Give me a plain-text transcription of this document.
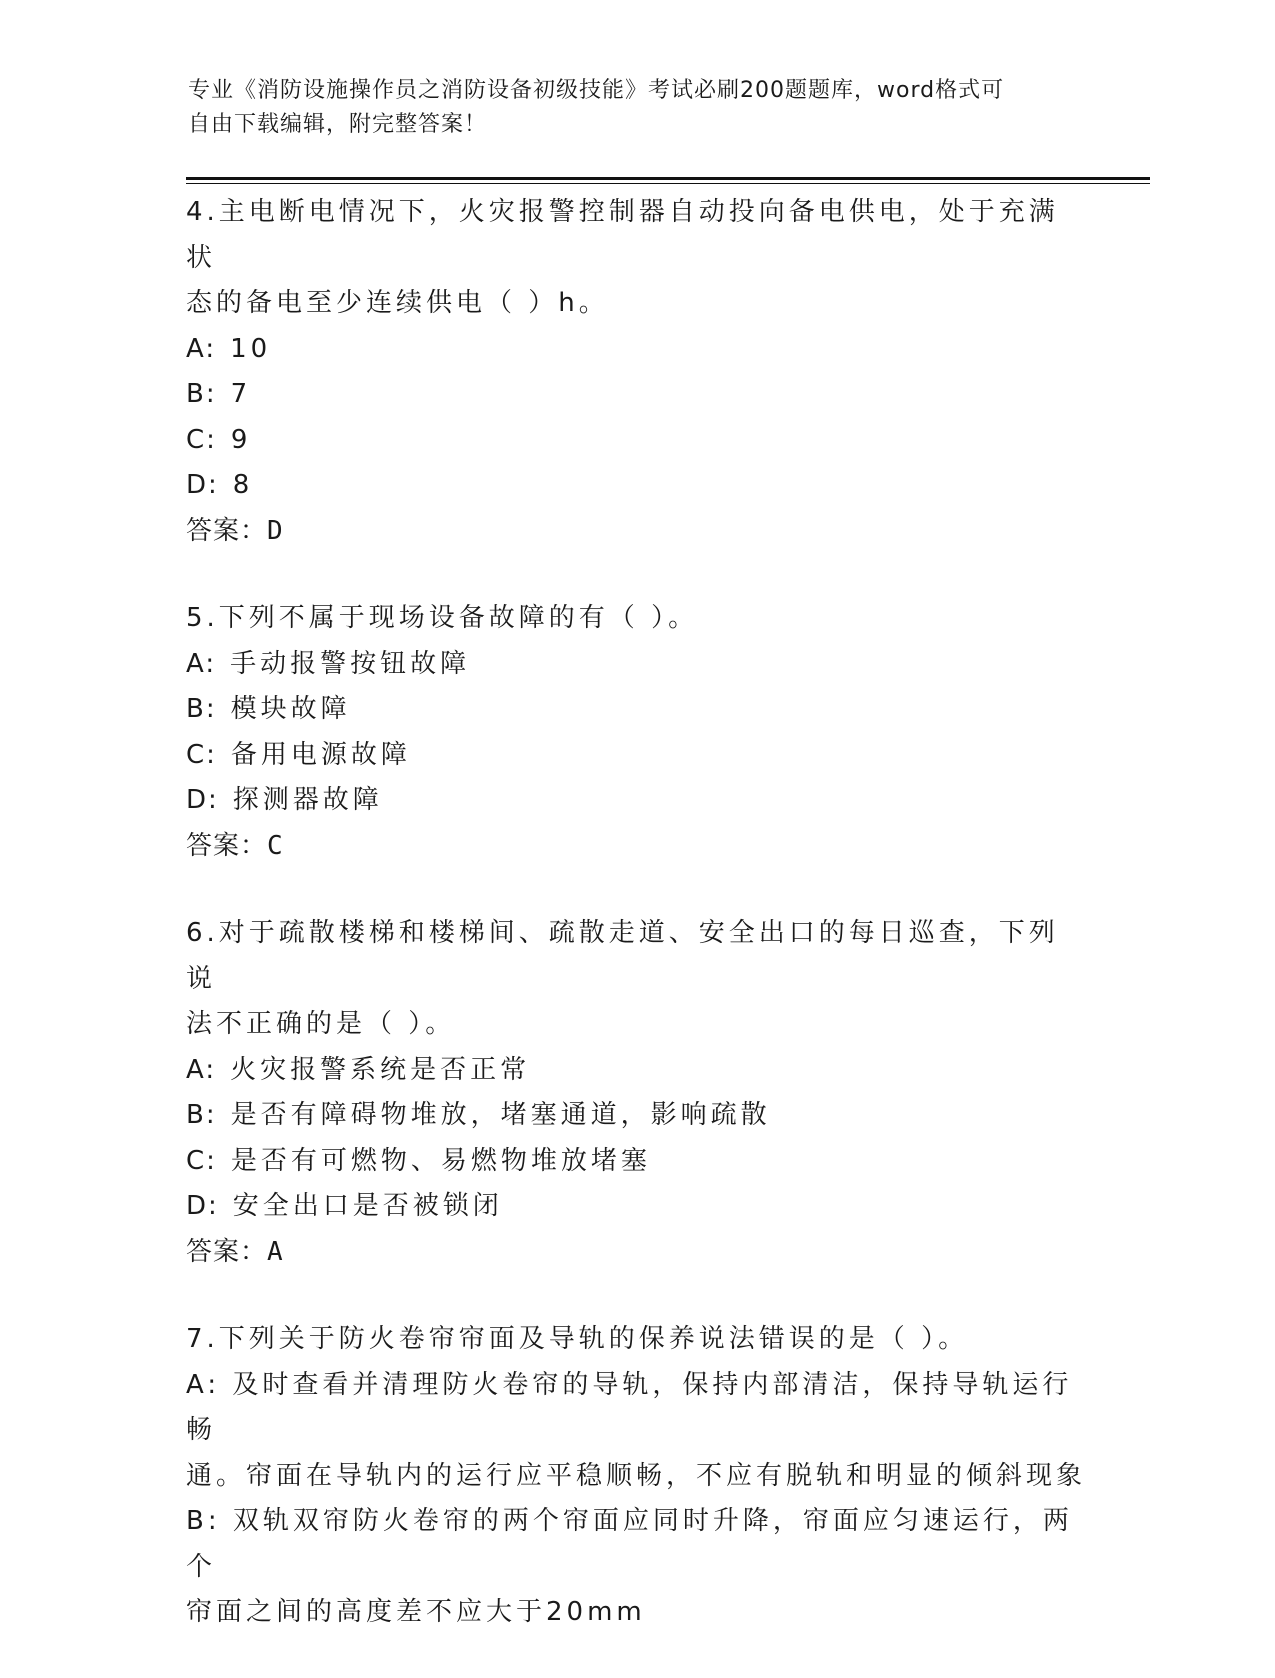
专业《消防设施操作员之消防设备初级技能》考试必刷200题题库，word格式可
自由下载编辑，附完整答案！

4.主电断电情况下，火灾报警控制器自动投向备电供电，处于充满状

态的备电至少连续供电（ ）h。

A: 10

B: 7

C: 9

D: 8

答案：D

5.下列不属于现场设备故障的有（ ）。

A: 手动报警按钮故障

B: 模块故障

C: 备用电源故障

D: 探测器故障

答案：C

6.对于疏散楼梯和楼梯间、疏散走道、安全出口的每日巡查，下列说

法不正确的是（ ）。

A: 火灾报警系统是否正常

B: 是否有障碍物堆放，堵塞通道，影响疏散

C: 是否有可燃物、易燃物堆放堵塞

D: 安全出口是否被锁闭

答案：A

7.下列关于防火卷帘帘面及导轨的保养说法错误的是（ ）。

A: 及时查看并清理防火卷帘的导轨，保持内部清洁，保持导轨运行畅

通。帘面在导轨内的运行应平稳顺畅，不应有脱轨和明显的倾斜现象

B: 双轨双帘防火卷帘的两个帘面应同时升降，帘面应匀速运行，两个

帘面之间的高度差不应大于20mm
